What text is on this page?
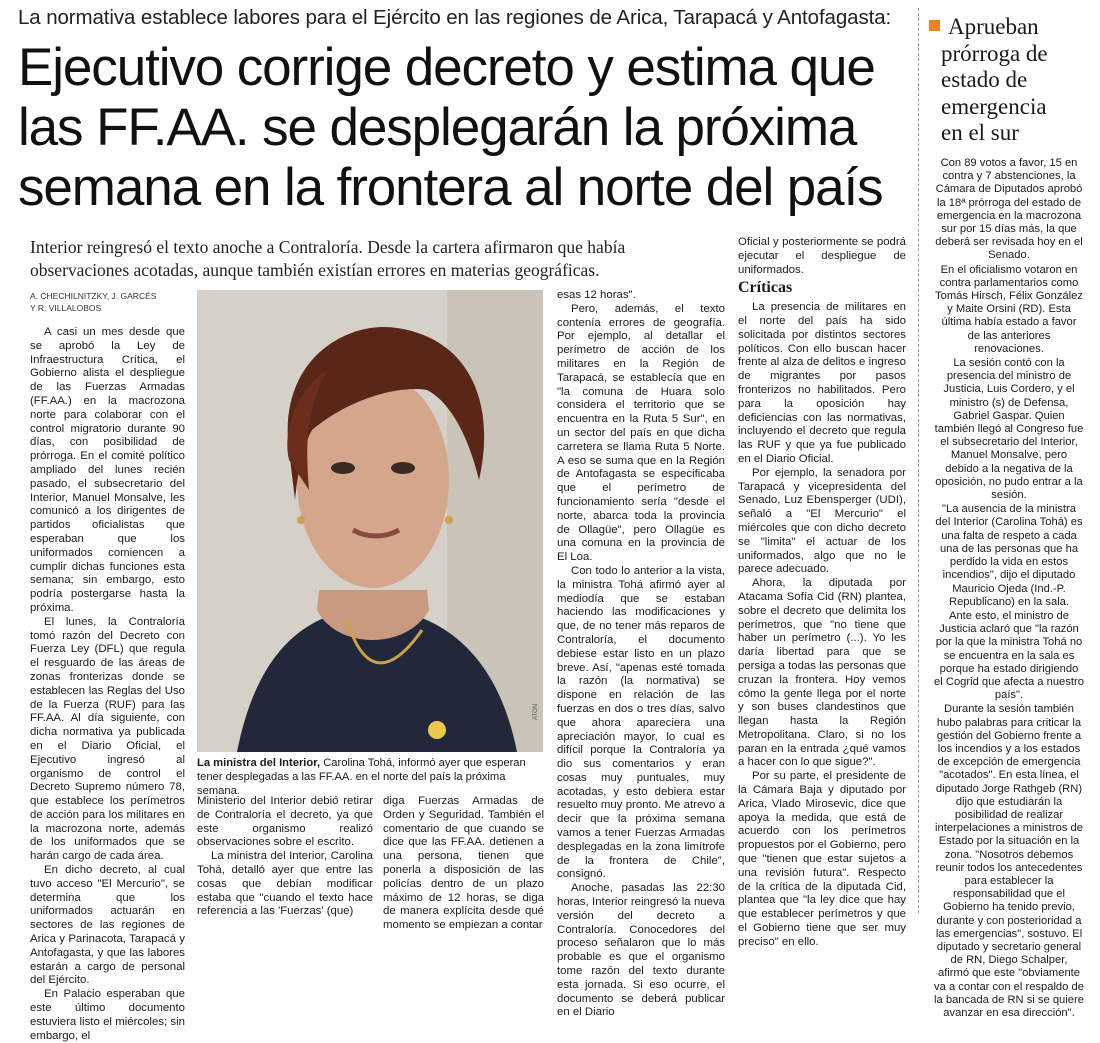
La normativa establece labores para el Ejército en las regiones de Arica, Tarapacá y Antofagasta:
Ejecutivo corrige decreto y estima que
las FF.AA. se desplegarán la próxima
semana en la frontera al norte del país
Interior reingresó el texto anoche a Contraloría. Desde la cartera afirmaron que había observaciones acotadas, aunque también existían errores en materias geográficas.
A. CHECHILNITZKY, J. GARCÉS
Y R. VILLALOBOS

A casi un mes desde que se aprobó la Ley de Infraestructura Crítica, el Gobierno alista el despliegue de las Fuerzas Armadas (FF.AA.) en la macrozona norte para colaborar con el control migratorio durante 90 días, con posibilidad de prórroga. En el comité político ampliado del lunes recién pasado, el subsecretario del Interior, Manuel Monsalve, les comunicó a los dirigentes de partidos oficialistas que esperaban que los uniformados comiencen a cumplir dichas funciones esta semana; sin embargo, esto podría postergarse hasta la próxima.

El lunes, la Contraloría tomó razón del Decreto con Fuerza Ley (DFL) que regula el resguardo de las áreas de zonas fronterizas donde se establecen las Reglas del Uso de la Fuerza (RUF) para las FF.AA. Al día siguiente, con dicha normativa ya publicada en el Diario Oficial, el Ejecutivo ingresó al organismo de control el Decreto Supremo número 78, que establece los perímetros de acción para los militares en la macrozona norte, además de los uniformados que se harán cargo de cada área.

En dicho decreto, al cual tuvo acceso "El Mercurio", se determina que los uniformados actuarán en sectores de las regiones de Arica y Parinacota, Tarapacá y Antofagasta, y que las labores estarán a cargo de personal del Ejército.

En Palacio esperaban que este último documento estuviera listo el miércoles; sin embargo, el

ATON
La ministra del Interior, Carolina Tohá, informó ayer que esperan tener desplegadas a las FF.AA. en el norte del país la próxima semana.

Ministerio del Interior debió retirar de Contraloría el decreto, ya que este organismo realizó observaciones sobre el escrito.

La ministra del Interior, Carolina Tohá, detalló ayer que entre las cosas que debían modificar estaba que "cuando el texto hace referencia a las 'Fuerzas' (que)

diga Fuerzas Armadas de Orden y Seguridad. También el comentario de que cuando se dice que las FF.AA. detienen a una persona, tienen que ponerla a disposición de las policías dentro de un plazo máximo de 12 horas, se diga de manera explícita desde qué momento se empiezan a contar

esas 12 horas".

Pero, además, el texto contenía errores de geografía. Por ejemplo, al detallar el perímetro de acción de los militares en la Región de Tarapacá, se establecía que en "la comuna de Huara solo considera el territorio que se encuentra en la Ruta 5 Sur", en un sector del país en que dicha carretera se llama Ruta 5 Norte. A eso se suma que en la Región de Antofagasta se especificaba que el perímetro de funcionamiento sería "desde el norte, abarca toda la provincia de Ollagüe", pero Ollagüe es una comuna en la provincia de El Loa.

Con todo lo anterior a la vista, la ministra Tohá afirmó ayer al mediodía que se estaban haciendo las modificaciones y que, de no tener más reparos de Contraloría, el documento debiese estar listo en un plazo breve. Así, "apenas esté tomada la razón (la normativa) se dispone en relación de las fuerzas en dos o tres días, salvo que ahora apareciera una apreciación mayor, lo cual es difícil porque la Contraloría ya dio sus comentarios y eran cosas muy puntuales, muy acotadas, y esto debiera estar resuelto muy pronto. Me atrevo a decir que la próxima semana vamos a tener Fuerzas Armadas desplegadas en la zona limítrofe de la frontera de Chile", consignó.

Anoche, pasadas las 22:30 horas, Interior reingresó la nueva versión del decreto a Contraloría. Conocedores del proceso señalaron que lo más probable es que el organismo tome razón del texto durante esta jornada. Si eso ocurre, el documento se deberá publicar en el Diario

Oficial y posteriormente se podrá ejecutar el despliegue de uniformados.

Críticas

La presencia de militares en el norte del país ha sido solicitada por distintos sectores políticos. Con ello buscan hacer frente al alza de delitos e ingreso de migrantes por pasos fronterizos no habilitados. Pero para la oposición hay deficiencias con las normativas, incluyendo el decreto que regula las RUF y que ya fue publicado en el Diario Oficial.

Por ejemplo, la senadora por Tarapacá y vicepresidenta del Senado, Luz Ebensperger (UDI), señaló a "El Mercurio" el miércoles que con dicho decreto se "limita" el actuar de los uniformados, algo que no le parece adecuado.

Ahora, la diputada por Atacama Sofía Cid (RN) plantea, sobre el decreto que delimita los perímetros, que "no tiene que haber un perímetro (...). Yo les daría libertad para que se persiga a todas las personas que cruzan la frontera. Hoy vemos cómo la gente llega por el norte y son buses clandestinos que llegan hasta la Región Metropolitana. Claro, si no los paran en la entrada ¿qué vamos a hacer con lo que sigue?".

Por su parte, el presidente de la Cámara Baja y diputado por Arica, Vlado Mirosevic, dice que apoya la medida, que está de acuerdo con los perímetros propuestos por el Gobierno, pero que "tienen que estar sujetos a una revisión futura". Respecto de la crítica de la diputada Cid, plantea que "la ley dice que hay que establecer perímetros y que el Gobierno tiene que ser muy preciso" en ello.

Aprueban
prórroga de
estado de
emergencia
en el sur

Con 89 votos a favor, 15 en contra y 7 abstenciones, la Cámara de Diputados aprobó la 18ª prórroga del estado de emergencia en la macrozona sur por 15 días más, la que deberá ser revisada hoy en el Senado.

En el oficialismo votaron en contra parlamentarios como Tomás Hirsch, Félix González y Maite Orsini (RD). Esta última había estado a favor de las anteriores renovaciones.

La sesión contó con la presencia del ministro de Justicia, Luis Cordero, y el ministro (s) de Defensa, Gabriel Gaspar. Quien también llegó al Congreso fue el subsecretario del Interior, Manuel Monsalve, pero debido a la negativa de la oposición, no pudo entrar a la sesión.

"La ausencia de la ministra del Interior (Carolina Tohá) es una falta de respeto a cada una de las personas que ha perdido la vida en estos incendios", dijo el diputado Mauricio Ojeda (Ind.-P. Republicano) en la sala.

Ante esto, el ministro de Justicia aclaró que "la razón por la que la ministra Tohá no se encuentra en la sala es porque ha estado dirigiendo el Cogrid que afecta a nuestro país".

Durante la sesión también hubo palabras para criticar la gestión del Gobierno frente a los incendios y a los estados de excepción de emergencia "acotados". En esta línea, el diputado Jorge Rathgeb (RN) dijo que estudiarán la posibilidad de realizar interpelaciones a ministros de Estado por la situación en la zona. "Nosotros debemos reunir todos los antecedentes para establecer la responsabilidad que el Gobierno ha tenido previo, durante y con posterioridad a las emergencias", sostuvo. El diputado y secretario general de RN, Diego Schalper, afirmó que este "obviamente va a contar con el respaldo de la bancada de RN si se quiere avanzar en esa dirección".
